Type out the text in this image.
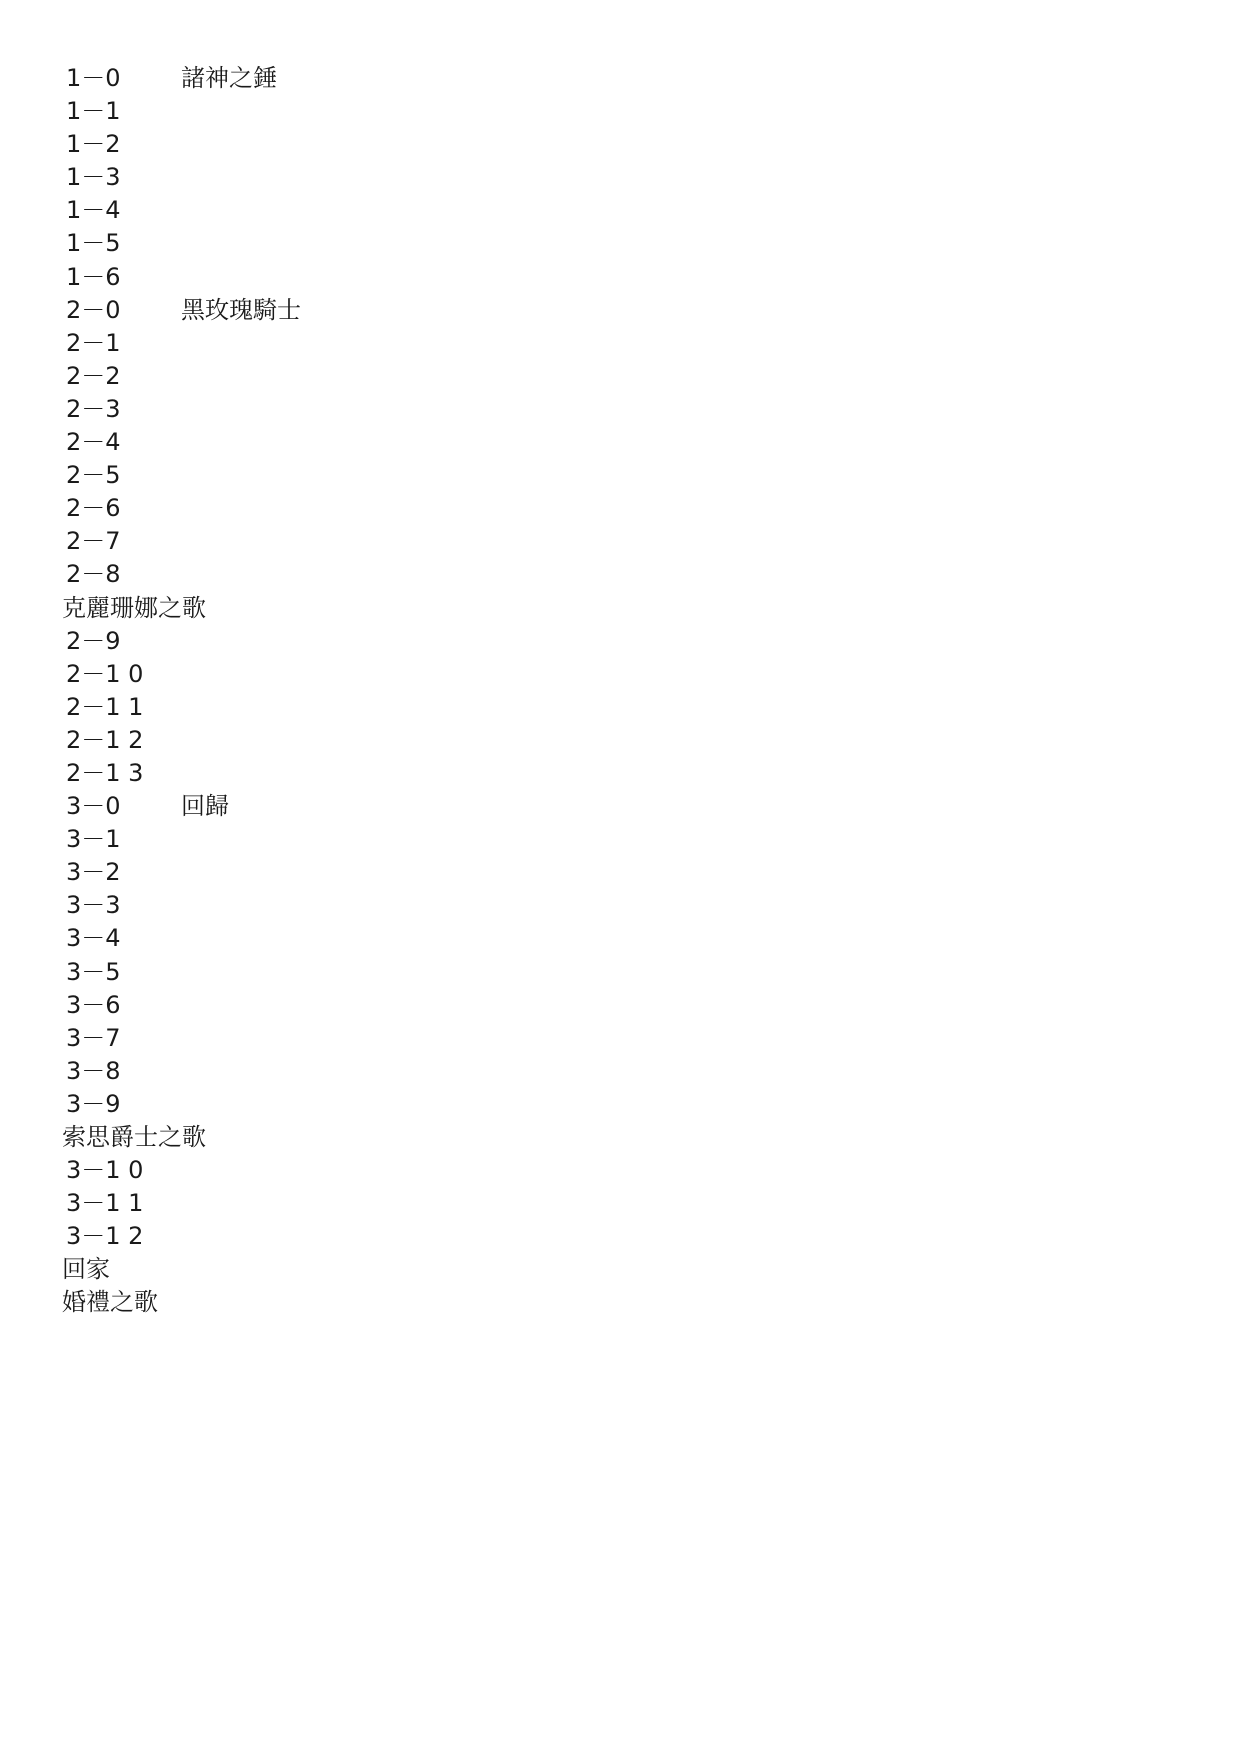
1－0	諸神之錘
1－1
1－2
1－3
1－4
1－5
1－6
2－0	黑玫瑰騎士
2－1
2－2
2－3
2－4
2－5
2－6
2－7
2－8
克麗珊娜之歌
2－9
2－1 0
2－1 1
2－1 2
2－1 3
3－0	回歸
3－1
3－2
3－3
3－4
3－5
3－6
3－7
3－8
3－9
索思爵士之歌
3－1 0
3－1 1
3－1 2
回家
婚禮之歌
